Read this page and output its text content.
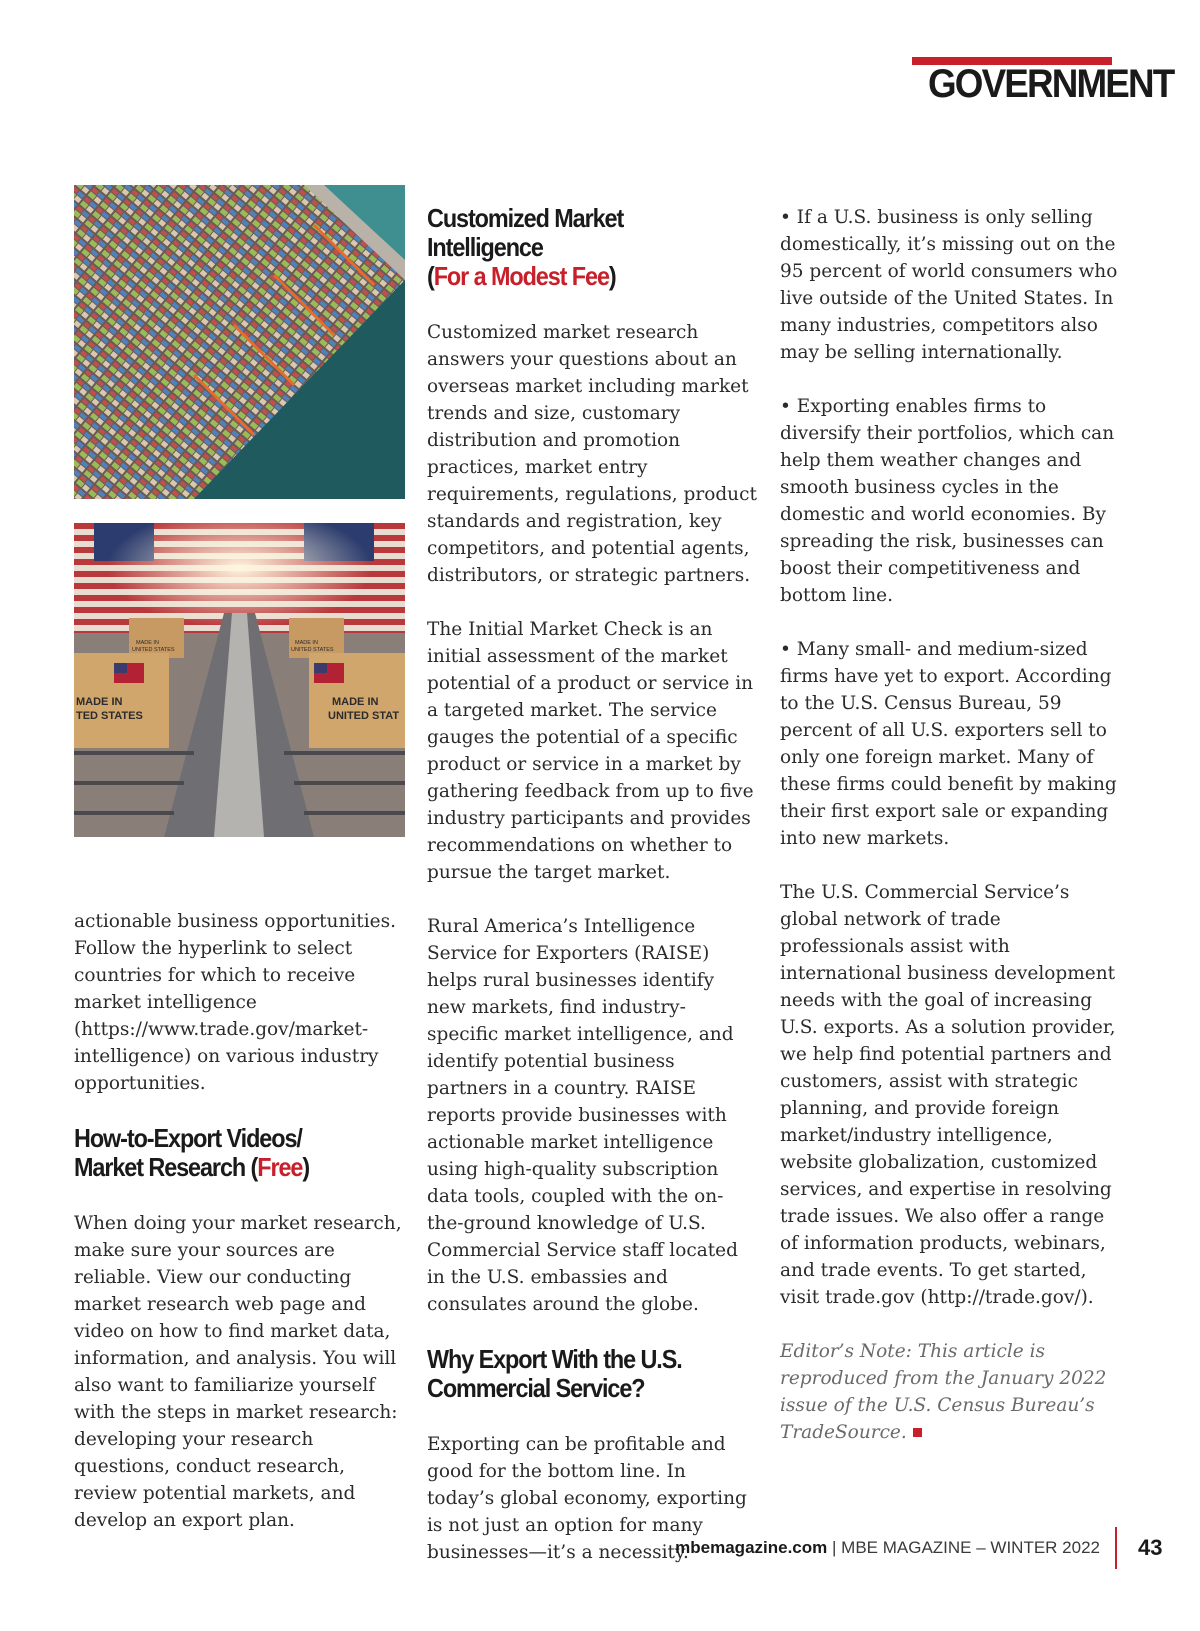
GOVERNMENT
MADE IN
TED STATES
MADE IN
UNITED STAT
MADE IN
UNITED STATES
MADE IN
UNITED STATES

actionable business opportunities. Follow the hyperlink to select countries for which to receive market intelligence (https://www.trade.gov/market-intelligence) on various industry opportunities.

How-to-Export Videos/
Market Research (Free)

When doing your market research, make sure your sources are reliable. View our conducting market research web page and video on how to find market data, information, and analysis. You will also want to familiarize yourself with the steps in market research: developing your research questions, conduct research, review potential markets, and develop an export plan.

Customized Market Intelligence
(For a Modest Fee)

Customized market research answers your questions about an overseas market including market trends and size, customary distribution and promotion practices, market entry requirements, regulations, product standards and registration, key competitors, and potential agents, distributors, or strategic partners.

The Initial Market Check is an initial assessment of the market potential of a product or service in a targeted market. The service gauges the potential of a specific product or service in a market by gathering feedback from up to five industry participants and provides recommendations on whether to pursue the target market.

Rural America’s Intelligence Service for Exporters (RAISE) helps rural businesses identify new markets, find industry-specific market intelligence, and identify potential business partners in a country. RAISE reports provide businesses with actionable market intelligence using high-quality subscription data tools, coupled with the on-the-ground knowledge of U.S. Commercial Service staff located in the U.S. embassies and consulates around the globe.

Why Export With the U.S.
Commercial Service?

Exporting can be profitable and good for the bottom line. In today’s global economy, exporting is not just an option for many businesses—it’s a necessity.

• If a U.S. business is only selling domestically, it’s missing out on the 95 percent of world consumers who live outside of the United States. In many industries, competitors also may be selling internationally.

• Exporting enables firms to diversify their portfolios, which can help them weather changes and smooth business cycles in the domestic and world economies. By spreading the risk, businesses can boost their competitiveness and bottom line.

• Many small- and medium-sized firms have yet to export. According to the U.S. Census Bureau, 59 percent of all U.S. exporters sell to only one foreign market. Many of these firms could benefit by making their first export sale or expanding into new markets.

The U.S. Commercial Service’s global network of trade professionals assist with international business development needs with the goal of increasing U.S. exports. As a solution provider, we help find potential partners and customers, assist with strategic planning, and provide foreign market/industry intelligence, website globalization, customized services, and expertise in resolving trade issues. We also offer a range of information products, webinars, and trade events. To get started, visit trade.gov (http://trade.gov/).

Editor’s Note: This article is reproduced from the January 2022 issue of the U.S. Census Bureau’s TradeSource.

mbemagazine.com | MBE MAGAZINE – WINTER 2022 43
